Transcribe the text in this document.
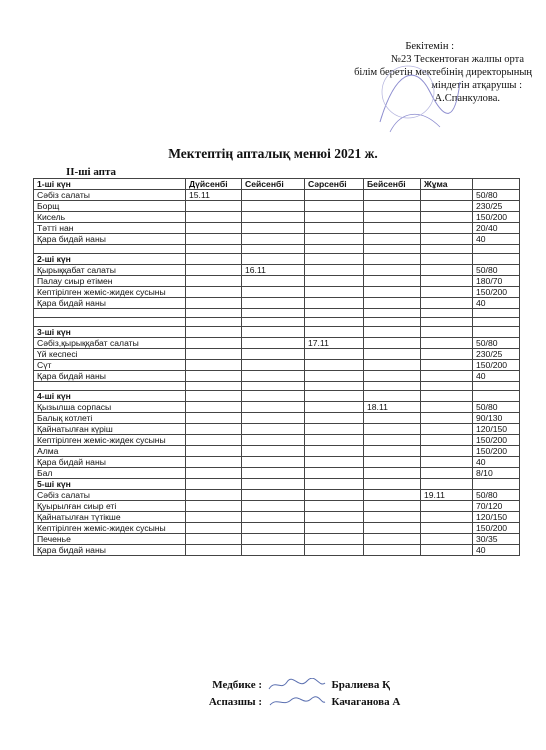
Бекітемін :
№23 Тескентоған жалпы орта
білім беретін мектебінің директорының
міндетін атқарушы :
А.Спанкулова.
Мектептің апталық менюі 2021 ж.
II-ші апта
1-ші күн	Дүйсенбі	Сейсенбі	Сәрсенбі	Бейсенбі	Жұма	
Сәбіз салаты	15.11					50/80
Борщ						230/25
Кисель						150/200
Тәтті нан						20/40
Қара бидай наны						40

2-ші күн						
Қырыққабат салаты		16.11				50/80
Палау сиыр етімен						180/70
Кептірілген жеміс-жидек сусыны						150/200
Қара бидай наны						40

3-ші күн						
Сәбіз,қырыққабат салаты			17.11			50/80
Үй кеспесі						230/25
Сүт						150/200
Қара бидай наны						40

4-ші күн						
Қызылша сорпасы				18.11		50/80
Балық котлеті						90/130
Қайнатылған күріш						120/150
Кептірілген жеміс-жидек сусыны						150/200
Алма						150/200
Қара бидай наны						40
Бал						8/10
5-ші күн						
Сәбіз салаты					19.11	50/80
Қуырылған сиыр еті						70/120
Қайнатылған түтікше						120/150
Кептірілген жеміс-жидек сусыны						150/200
Печенье						30/35
Қара бидай наны						40
Медбике :	Бралиева Қ
Аспазшы :	Качаганова А
